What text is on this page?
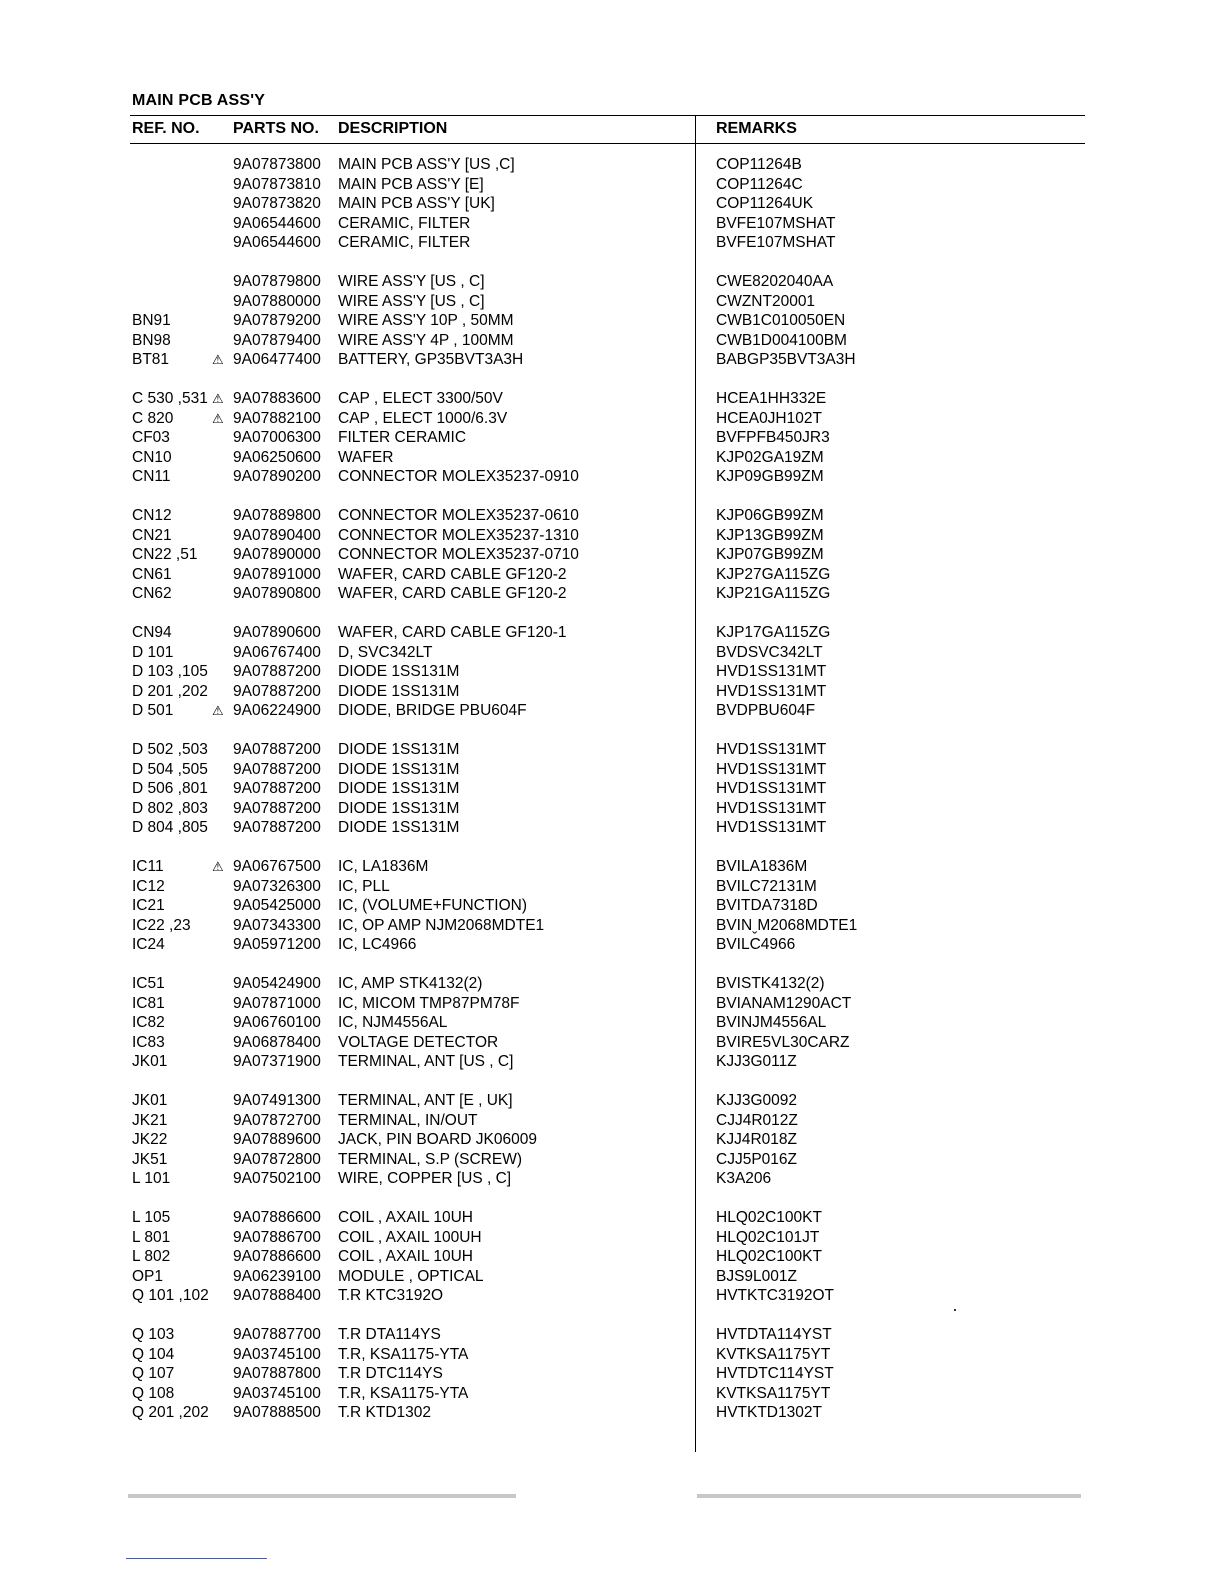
MAIN PCB ASS'Y
REF. NO. PARTS NO. DESCRIPTION	REMARKS
9A07873800 MAIN PCB ASS'Y [US ,C]	COP11264B
9A07873810 MAIN PCB ASS'Y [E]	COP11264C
9A07873820 MAIN PCB ASS'Y [UK]	COP11264UK
9A06544600 CERAMIC, FILTER	BVFE107MSHAT
9A06544600 CERAMIC, FILTER	BVFE107MSHAT
9A07879800 WIRE ASS'Y [US , C]	CWE8202040AA
9A07880000 WIRE ASS'Y [US , C]	CWZNT20001
BN91	9A07879200 WIRE ASS'Y 10P , 50MM	CWB1C010050EN
BN98	9A07879400 WIRE ASS'Y 4P , 100MM	CWB1D004100BM
BT81	⚠ 9A06477400 BATTERY, GP35BVT3A3H	BABGP35BVT3A3H
C 530 ,531 ⚠ 9A07883600 CAP , ELECT 3300/50V	HCEA1HH332E
C 820	⚠ 9A07882100 CAP , ELECT 1000/6.3V	HCEA0JH102T
CF03	9A07006300 FILTER CERAMIC	BVFPFB450JR3
CN10	9A06250600 WAFER	KJP02GA19ZM
CN11	9A07890200 CONNECTOR MOLEX35237-0910	KJP09GB99ZM
CN12	9A07889800 CONNECTOR MOLEX35237-0610	KJP06GB99ZM
CN21	9A07890400 CONNECTOR MOLEX35237-1310	KJP13GB99ZM
CN22 ,51 9A07890000 CONNECTOR MOLEX35237-0710	KJP07GB99ZM
CN61	9A07891000 WAFER, CARD CABLE GF120-2	KJP27GA115ZG
CN62	9A07890800 WAFER, CARD CABLE GF120-2	KJP21GA115ZG
CN94	9A07890600 WAFER, CARD CABLE GF120-1	KJP17GA115ZG
D 101	9A06767400 D, SVC342LT	BVDSVC342LT
D 103 ,105 9A07887200 DIODE 1SS131M	HVD1SS131MT
D 201 ,202 9A07887200 DIODE 1SS131M	HVD1SS131MT
D 501	⚠ 9A06224900 DIODE, BRIDGE PBU604F	BVDPBU604F
D 502 ,503 9A07887200 DIODE 1SS131M	HVD1SS131MT
D 504 ,505 9A07887200 DIODE 1SS131M	HVD1SS131MT
D 506 ,801 9A07887200 DIODE 1SS131M	HVD1SS131MT
D 802 ,803 9A07887200 DIODE 1SS131M	HVD1SS131MT
D 804 ,805 9A07887200 DIODE 1SS131M	HVD1SS131MT
IC11	⚠ 9A06767500 IC, LA1836M	BVILA1836M
IC12	9A07326300 IC, PLL	BVILC72131M
IC21	9A05425000 IC, (VOLUME+FUNCTION)	BVITDA7318D
IC22 ,23	9A07343300 IC, OP AMP NJM2068MDTE1	BVINˬM2068MDTE1
IC24	9A05971200 IC, LC4966	BVILC4966
IC51	9A05424900 IC, AMP STK4132(2)	BVISTK4132(2)
IC81	9A07871000 IC, MICOM TMP87PM78F	BVIANAM1290ACT
IC82	9A06760100 IC, NJM4556AL	BVINJM4556AL
IC83	9A06878400 VOLTAGE DETECTOR	BVIRE5VL30CARZ
JK01	9A07371900 TERMINAL, ANT [US , C]	KJJ3G011Z
JK01	9A07491300 TERMINAL, ANT [E , UK]	KJJ3G0092
JK21	9A07872700 TERMINAL, IN/OUT	CJJ4R012Z
JK22	9A07889600 JACK, PIN BOARD JK06009	KJJ4R018Z
JK51	9A07872800 TERMINAL, S.P (SCREW)	CJJ5P016Z
L 101	9A07502100 WIRE, COPPER [US , C]	K3A206
L 105	9A07886600 COIL , AXAIL 10UH	HLQ02C100KT
L 801	9A07886700 COIL , AXAIL 100UH	HLQ02C101JT
L 802	9A07886600 COIL , AXAIL 10UH	HLQ02C100KT
OP1	9A06239100 MODULE , OPTICAL	BJS9L001Z
Q 101 ,102 9A07888400 T.R KTC3192O	HVTKTC3192OT
Q 103	9A07887700 T.R DTA114YS	HVTDTA114YST
Q 104	9A03745100 T.R, KSA1175-YTA	KVTKSA1175YT
Q 107	9A07887800 T.R DTC114YS	HVTDTC114YST
Q 108	9A03745100 T.R, KSA1175-YTA	KVTKSA1175YT
Q 201 ,202 9A07888500 T.R KTD1302	HVTKTD1302T
